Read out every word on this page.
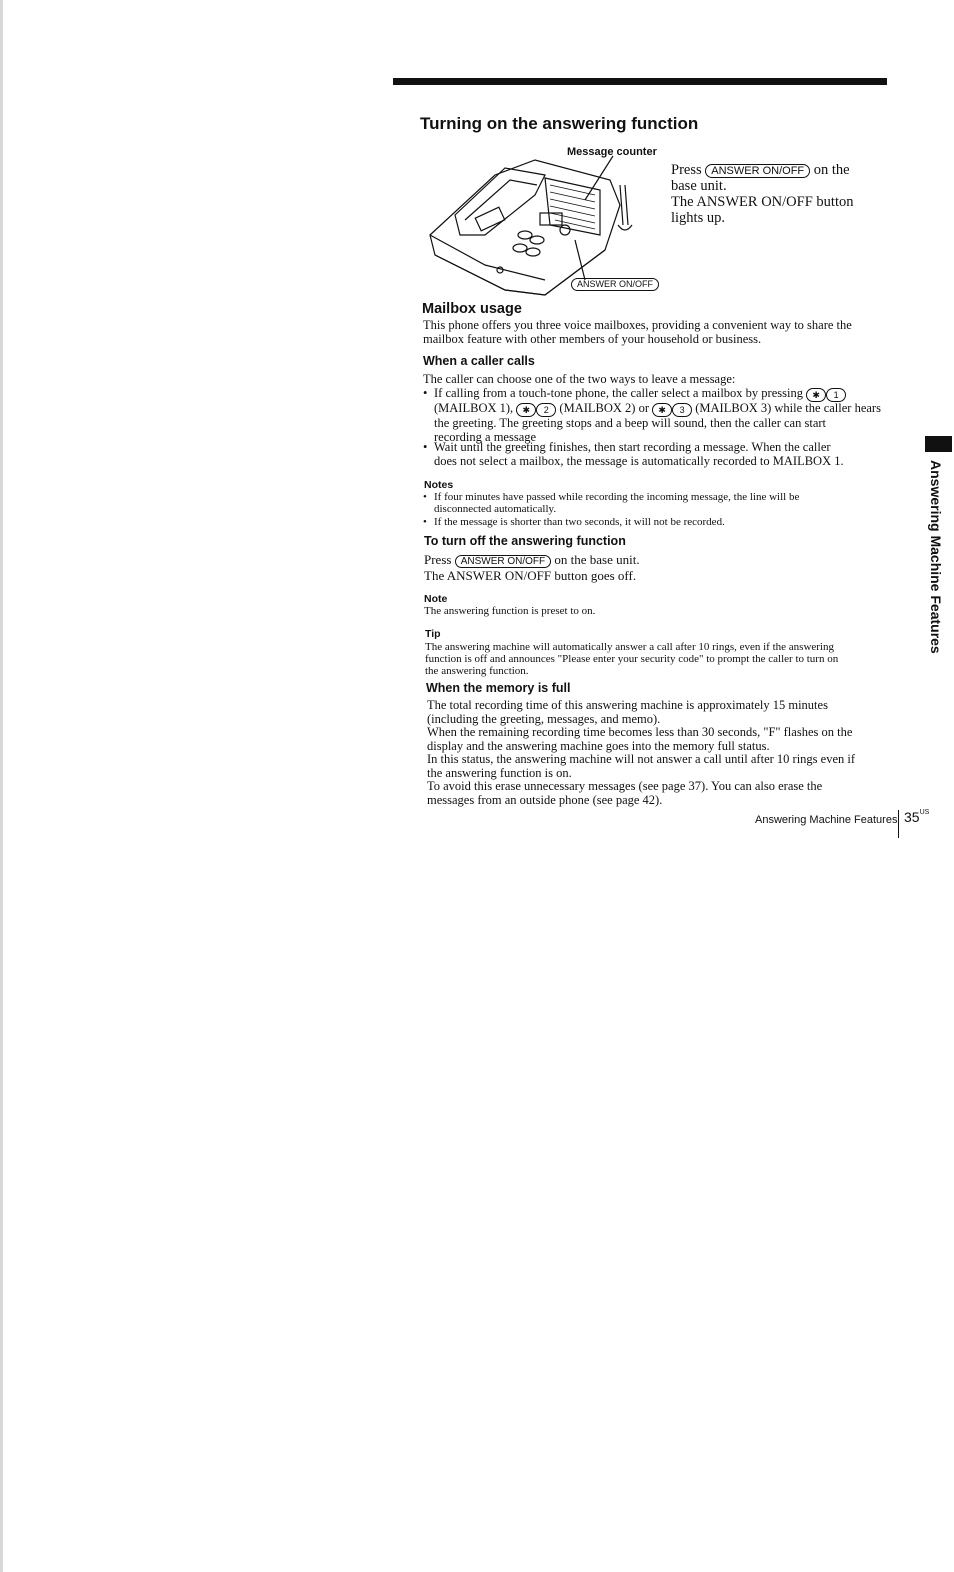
Turning on the answering function
Message counter
ANSWER ON/OFF
Press ANSWER ON/OFF on the
base unit.
The ANSWER ON/OFF button
lights up.
Mailbox usage
This phone offers you three voice mailboxes, providing a convenient way to share the
mailbox feature with other members of your household or business.
When a caller calls
The caller can choose one of the two ways to leave a message:
• If calling from a touch-tone phone, the caller select a mailbox by pressing ✱ 1
(MAILBOX 1), ✱ 2 (MAILBOX 2) or ✱ 3 (MAILBOX 3) while the caller hears
the greeting. The greeting stops and a beep will sound, then the caller can start
recording a message
• Wait until the greeting finishes, then start recording a message. When the caller
does not select a mailbox, the message is automatically recorded to MAILBOX 1.
Notes
• If four minutes have passed while recording the incoming message, the line will be
disconnected automatically.
• If the message is shorter than two seconds, it will not be recorded.
To turn off the answering function
Press ANSWER ON/OFF on the base unit.
The ANSWER ON/OFF button goes off.
Note
The answering function is preset to on.
Tip
The answering machine will automatically answer a call after 10 rings, even if the answering
function is off and announces "Please enter your security code" to prompt the caller to turn on
the answering function.
When the memory is full
The total recording time of this answering machine is approximately 15 minutes
(including the greeting, messages, and memo).
When the remaining recording time becomes less than 30 seconds, "F" flashes on the
display and the answering machine goes into the memory full status.
In this status, the answering machine will not answer a call until after 10 rings even if
the answering function is on.
To avoid this erase unnecessary messages (see page 37). You can also erase the
messages from an outside phone (see page 42).
Answering Machine Features
Answering Machine Features $35^{US}$
